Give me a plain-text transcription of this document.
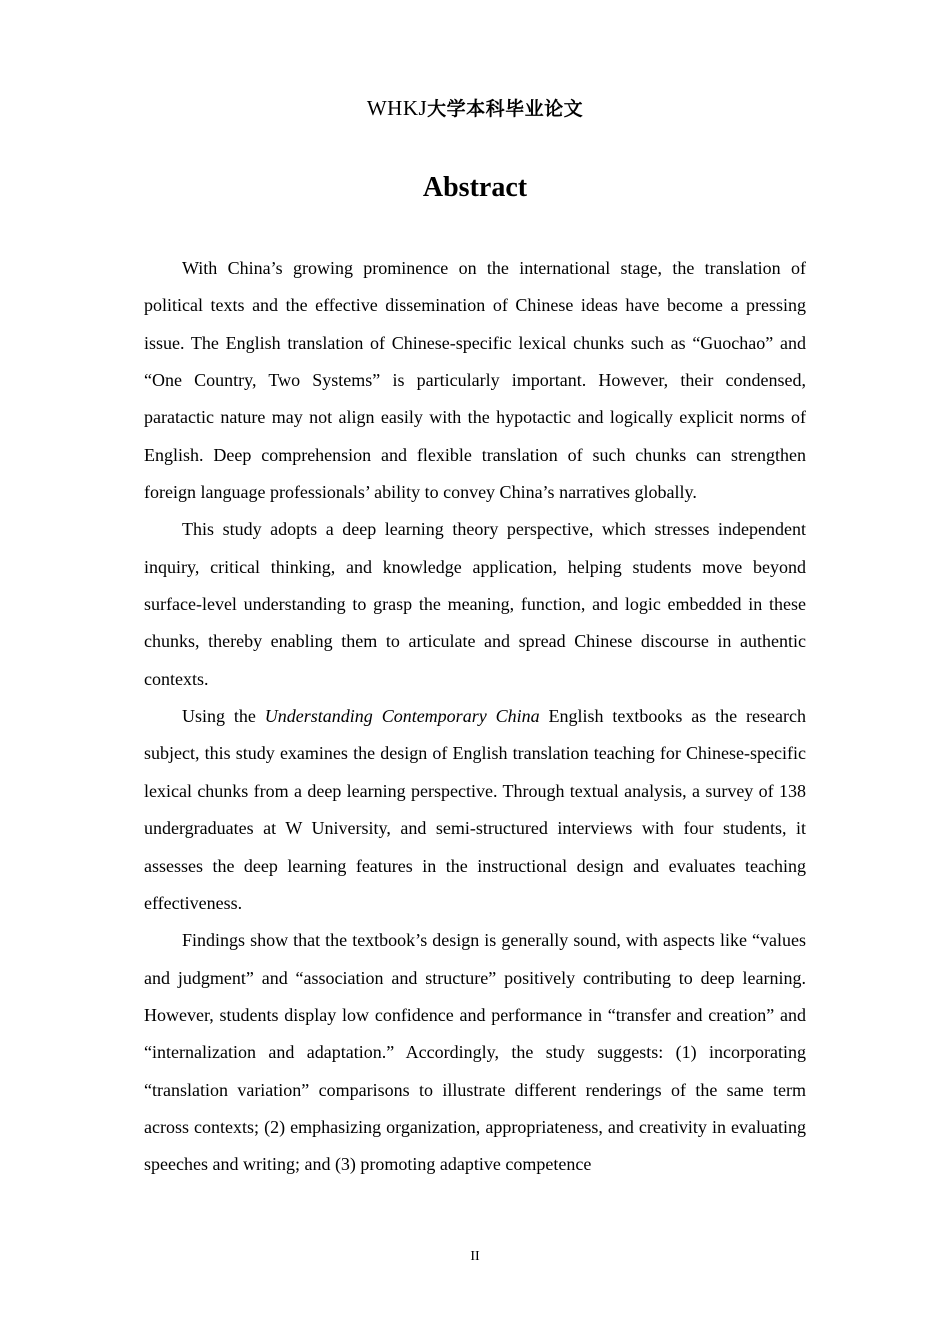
WHKJ大学本科毕业论文
Abstract

With China’s growing prominence on the international stage, the translation of political texts and the effective dissemination of Chinese ideas have become a pressing issue. The English translation of Chinese-specific lexical chunks such as “Guochao” and “One Country, Two Systems” is particularly important. However, their condensed, paratactic nature may not align easily with the hypotactic and logically explicit norms of English. Deep comprehension and flexible translation of such chunks can strengthen foreign language professionals’ ability to convey China’s narratives globally.

This study adopts a deep learning theory perspective, which stresses independent inquiry, critical thinking, and knowledge application, helping students move beyond surface-level understanding to grasp the meaning, function, and logic embedded in these chunks, thereby enabling them to articulate and spread Chinese discourse in authentic contexts.

Using the Understanding Contemporary China English textbooks as the research subject, this study examines the design of English translation teaching for Chinese-specific lexical chunks from a deep learning perspective. Through textual analysis, a survey of 138 undergraduates at W University, and semi-structured interviews with four students, it assesses the deep learning features in the instructional design and evaluates teaching effectiveness.

Findings show that the textbook’s design is generally sound, with aspects like “values and judgment” and “association and structure” positively contributing to deep learning. However, students display low confidence and performance in “transfer and creation” and “internalization and adaptation.” Accordingly, the study suggests: (1) incorporating “translation variation” comparisons to illustrate different renderings of the same term across contexts; (2) emphasizing organization, appropriateness, and creativity in evaluating speeches and writing; and (3) promoting adaptive competence

II
